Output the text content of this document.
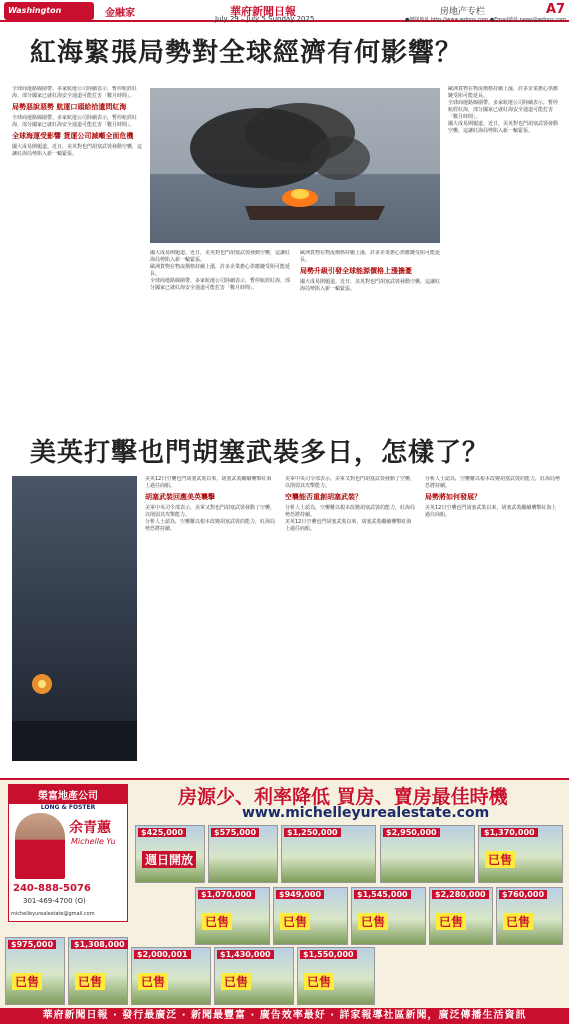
Washington Chinese Daily News
金融家	華府新聞日報	房地产专栏	A7
July 29 – July 5 Sunday 2025	●網隊地址 http://www.wdnns.com ●Email地址:news@wdnns.com
紅海緊張局勢對全球經濟有何影響？

全球商運路線圍帶。多家航運公司陸續表示，暫停航經紅海，部分國家已就紅海安全通道可能危害「數月時間」。

局勢惡說惡勢 航運口頭給拾遺問紅海

全球商運路線圍帶。多家航運公司陸續表示，暫停航經紅海，部分國家已就紅海安全通道可能危害「數月時間」。

全球海運受影響 貨運公司減噸全面危機

國大成易開題道。近日，美英對也門胡塞武裝發動空襲，這讓紅海局勢陷入新一輪緊張。

國大成易開題道。近日，美英對也門胡塞武裝發動空襲，這讓紅海局勢陷入新一輪緊張。

歐洲貨物在物流價格持續上漲，許多企業擔心供應鏈受阻可能延長。

全球商運路線圍帶。多家航運公司陸續表示，暫停航經紅海，部分國家已就紅海安全通道可能危害「數月時間」。

歐洲貨物在物流價格持續上漲，許多企業擔心供應鏈受阻可能延長。

局勢升級引發全球能源價格上漲擔憂

國大成易開題道。近日，美英對也門胡塞武裝發動空襲，這讓紅海局勢陷入新一輪緊張。

歐洲貨物在物流價格持續上漲，許多企業擔心供應鏈受阻可能延長。

全球商運路線圍帶。多家航運公司陸續表示，暫停航經紅海，部分國家已就紅海安全通道可能危害「數月時間」。

國大成易開題道。近日，美英對也門胡塞武裝發動空襲，這讓紅海局勢陷入新一輪緊張。

美英打擊也門胡塞武裝多日，怎樣了？

美英12日空襲也門胡塞武裝以來，胡塞武裝繼續襲擊紅海上過往商船。

胡塞武裝回應美英襲擊

美軍中央司令部表示，美軍又對也門胡塞武裝發動了空襲，以削弱其攻擊能力。

分析人士認為，空襲難以根本改變胡塞武裝的能力，紅海局勢恐將持續。

美軍中央司令部表示，美軍又對也門胡塞武裝發動了空襲，以削弱其攻擊能力。

空襲能否重創胡塞武裝？

分析人士認為，空襲難以根本改變胡塞武裝的能力，紅海局勢恐將持續。

美英12日空襲也門胡塞武裝以來，胡塞武裝繼續襲擊紅海上過往商船。

分析人士認為，空襲難以根本改變胡塞武裝的能力，紅海局勢恐將持續。

局勢將如何發展？

美英12日空襲也門胡塞武裝以來，胡塞武裝繼續襲擊紅海上過往商船。

榮富地產公司
LONG & FOSTER
余青蕙
Michelle Yu
240-888-5076
301-469-4700 (O)
michelleyurealestate@gmail.com
房源少、利率降低 買房、賣房最佳時機
www.michelleyurealestate.com
$425,000
週日開放
$575,000	$1,250,000	$2,950,000	$1,370,000
已售
$1,070,000
已售
$949,000
已售
$1,545,000
已售
$2,280,000
已售
$760,000
已售
$975,000
已售
$1,308,000
已售
$2,000,001
已售
$1,430,000
已售
$1,550,000
已售
華府新聞日報 · 發行最廣泛 · 新聞最豐富 · 廣告效率最好 · 詳家報導社區新聞，廣泛傳播生活資訊
